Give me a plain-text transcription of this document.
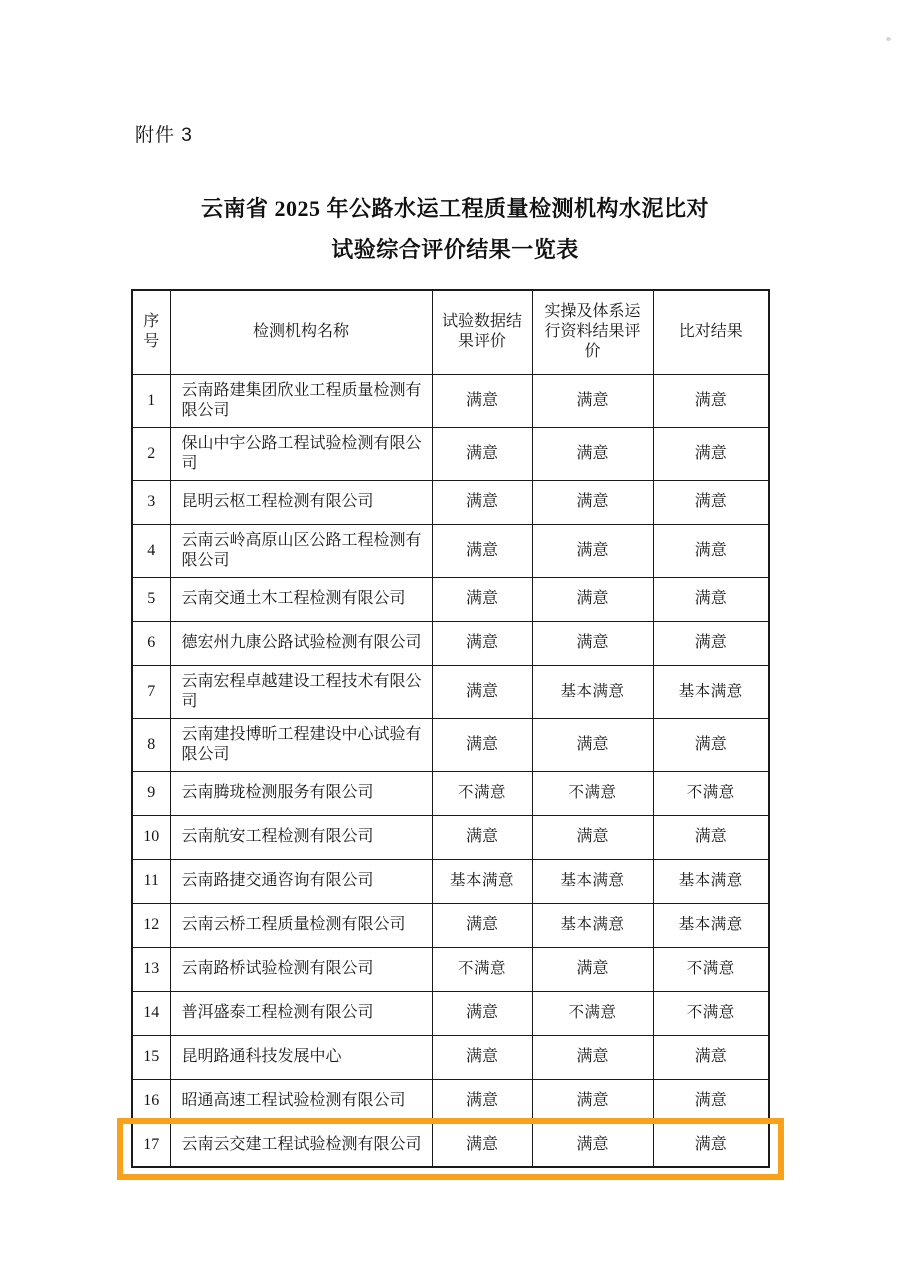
附件 3
云南省 2025 年公路水运工程质量检测机构水泥比对
试验综合评价结果一览表
序号	检测机构名称	试验数据结果评价	实操及体系运行资料结果评价	比对结果
1	云南路建集团欣业工程质量检测有限公司	满意	满意	满意
2	保山中宇公路工程试验检测有限公司	满意	满意	满意
3	昆明云枢工程检测有限公司	满意	满意	满意
4	云南云岭高原山区公路工程检测有限公司	满意	满意	满意
5	云南交通土木工程检测有限公司	满意	满意	满意
6	德宏州九康公路试验检测有限公司	满意	满意	满意
7	云南宏程卓越建设工程技术有限公司	满意	基本满意	基本满意
8	云南建投博昕工程建设中心试验有限公司	满意	满意	满意
9	云南腾珑检测服务有限公司	不满意	不满意	不满意
10	云南航安工程检测有限公司	满意	满意	满意
11	云南路捷交通咨询有限公司	基本满意	基本满意	基本满意
12	云南云桥工程质量检测有限公司	满意	基本满意	基本满意
13	云南路桥试验检测有限公司	不满意	满意	不满意
14	普洱盛泰工程检测有限公司	满意	不满意	不满意
15	昆明路通科技发展中心	满意	满意	满意
16	昭通高速工程试验检测有限公司	满意	满意	满意
17	云南云交建工程试验检测有限公司	满意	满意	满意
